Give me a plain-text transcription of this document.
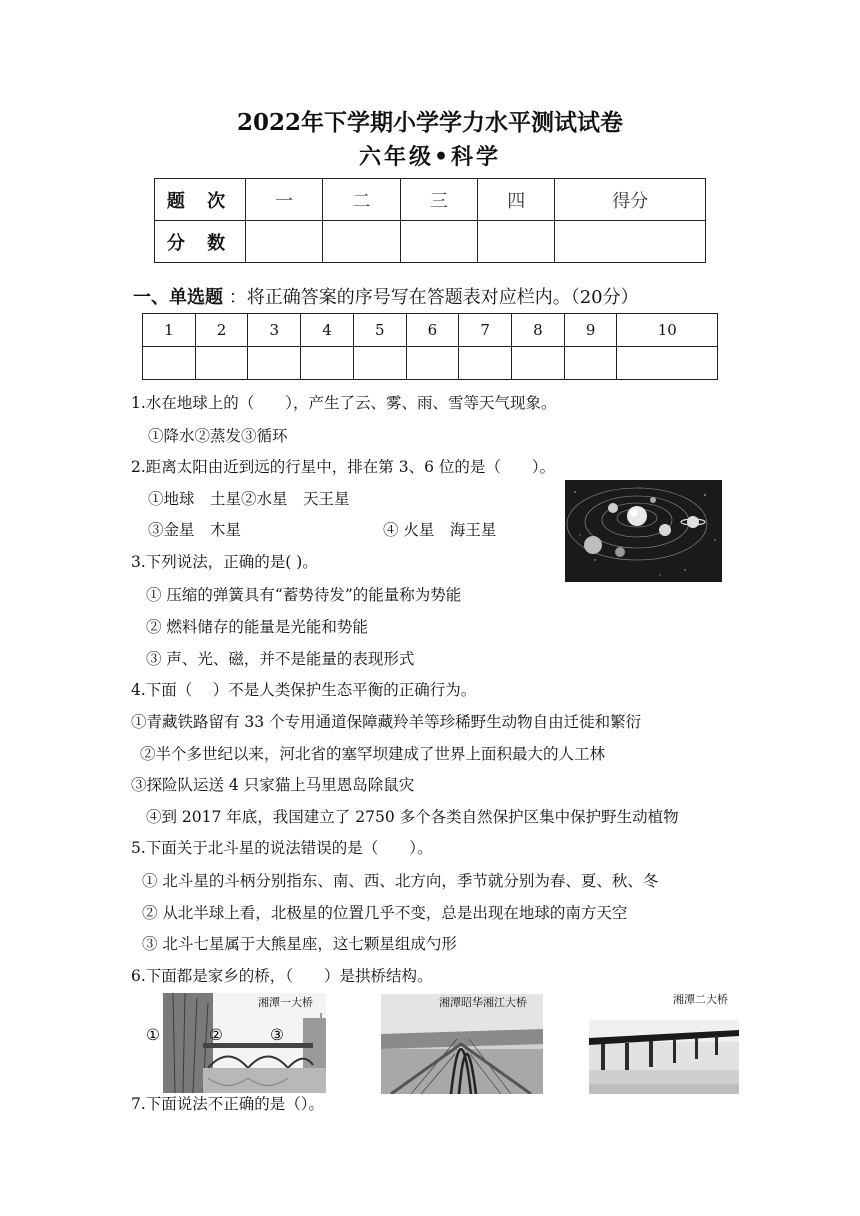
2022年下学期小学学力水平测试试卷
六年级•科学
题 次	一	二	三	四	得分
分 数					
一、单选题 ：将正确答案的序号写在答题表对应栏内。（20分）
1	2	3	4	5	6	7	8	9	10

1.水在地球上的（　　），产生了云、雾、雨、雪等天气现象。
①降水②蒸发③循环
2.距离太阳由近到远的行星中，排在第 3、6 位的是（　　）。
①地球　土星②水星　天王星
③金星　木星	④ 火星　海王星
3.下列说法，正确的是( )。
① 压缩的弹簧具有“蓄势待发”的能量称为势能
② 燃料储存的能量是光能和势能
③ 声、光、磁，并不是能量的表现形式
4.下面（　 ）不是人类保护生态平衡的正确行为。
①青藏铁路留有 33 个专用通道保障藏羚羊等珍稀野生动物自由迁徙和繁衍
②半个多世纪以来，河北省的塞罕坝建成了世界上面积最大的人工林
③探险队运送 4 只家猫上马里恩岛除鼠灾
④到 2017 年底，我国建立了 2750 多个各类自然保护区集中保护野生动植物
5.下面关于北斗星的说法错误的是（　　）。
① 北斗星的斗柄分别指东、南、西、北方向，季节就分别为春、夏、秋、冬
② 从北半球上看，北极星的位置几乎不变，总是出现在地球的南方天空
③ 北斗七星属于大熊星座，这七颗星组成勺形
6.下面都是家乡的桥，（　　）是拱桥结构。
湘潭一大桥
①	②	③
湘潭昭华湘江大桥	湘潭二大桥
7.下面说法不正确的是（）。
